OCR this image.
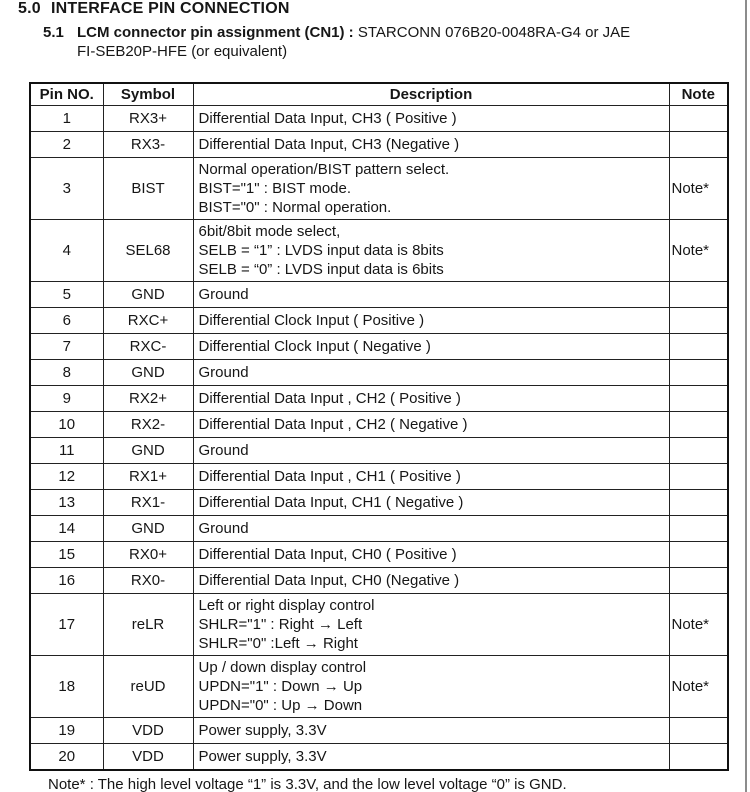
5.0 INTERFACE PIN CONNECTION
5.1 LCM connector pin assignment (CN1) : STARCONN 076B20-0048RA-G4 or JAE
FI-SEB20P-HFE (or equivalent)
Pin NO.	Symbol	Description	Note
1	RX3+	Differential Data Input, CH3 ( Positive )	

2	RX3-	Differential Data Input, CH3 (Negative )	

3	BIST	Normal operation/BIST pattern select.
BIST="1" : BIST mode.
BIST="0" : Normal operation.	Note*
4	SEL68	6bit/8bit mode select,
SELB = “1” : LVDS input data is 8bits
SELB = “0” : LVDS input data is 6bits	Note*
5	GND	Ground	

6	RXC+	Differential Clock Input ( Positive )	

7	RXC-	Differential Clock Input ( Negative )	

8	GND	Ground	

9	RX2+	Differential Data Input , CH2 ( Positive )	

10	RX2-	Differential Data Input , CH2 ( Negative )	

11	GND	Ground	

12	RX1+	Differential Data Input , CH1 ( Positive )	

13	RX1-	Differential Data Input, CH1 ( Negative )	

14	GND	Ground	

15	RX0+	Differential Data Input, CH0 ( Positive )	

16	RX0-	Differential Data Input, CH0 (Negative )	

17	reLR	Left or right display control
SHLR="1" : Right → Left
SHLR="0" :Left → Right	Note*
18	reUD	Up / down display control
UPDN="1" : Down → Up
UPDN="0" : Up → Down	Note*
19	VDD	Power supply, 3.3V	

20	VDD	Power supply, 3.3V	

Note* : The high level voltage “1” is 3.3V, and the low level voltage “0” is GND.
